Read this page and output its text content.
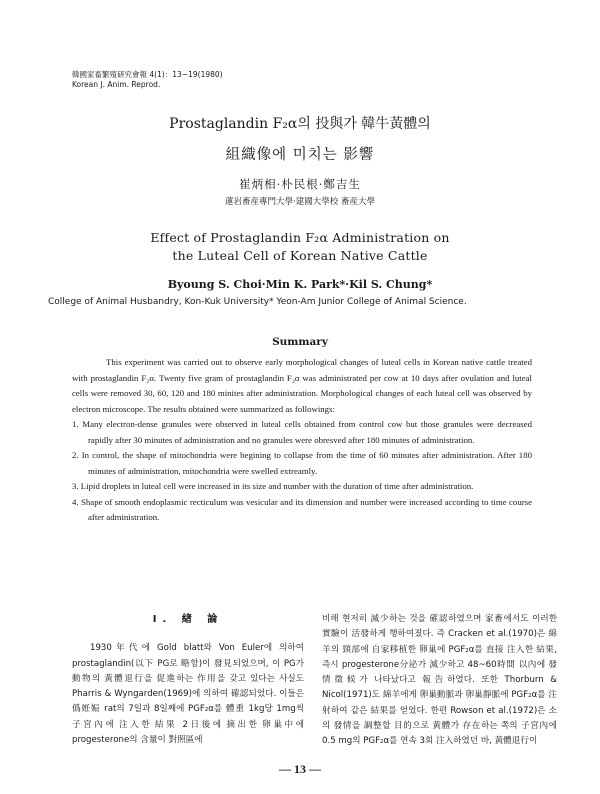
韓國家畜繁殖研究會報 4(1)：13~19(1980)
Korean J. Anim. Reprod.
Prostaglandin F₂α의 投與가 韓牛黃體의
組織像에 미치는 影響
崔炳相·朴民根·鄭吉生
蓮岩畜産專門大學·建國大學校 畜産大學
Effect of Prostaglandin F₂α Administration on
the Luteal Cell of Korean Native Cattle
Byoung S. Choi·Min K. Park*·Kil S. Chung*
College of Animal Husbandry, Kon-Kuk University* Yeon-Am Junior College of Animal Science.
Summary

This experiment was carried out to observe early morphological changes of luteal cells in Korean native cattle treated with prostaglandin F₂α. Twenty five gram of prostaglandin F₂α was administrated per cow at 10 days after ovulation and luteal cells were removed 30, 60, 120 and 180 minites after administration. Morphological changes of each luteal cell was observed by electron microscope. The results obtained were summarized as followings:

1. Many electron-dense granules were observed in luteal cells obtained from control cow but those granules were decreased rapidly after 30 minutes of administration and no granules were obresved after 180 minutes of administration.

2. In control, the shape of mitochondria were begining to collapse from the time of 60 minutes after administration. After 180 minutes of administration, mitochondria were swelled extreamly.

3. Lipid droplets in luteal cell were increased in its size and number with the duration of time after administration.

4. Shape of smooth endoplasmic recticulum was vesicular and its dimension and number were increased according to time course after administration.

I. 緖 論

1930年代에 Gold blatt와 Von Euler에 의하여 prostaglandin(以下 PG로 略함)이 發見되었으며, 이 PG가 動物의 黃體退行을 促進하는 作用을 갖고 있다는 사실도 Pharris & Wyngarden(1969)에 의하여 確認되었다. 이들은 僞姙娠 rat의 7일과 8일째에 PGF₂α를 體重 1kg당 1mg씩 子宮內에 注入한 結果 2日後에 摘出한 卵巢中에 progesterone의 含量이 對照區에

비해 현저히 減少하는 것을 確認하였으며 家畜에서도 이러한 實驗이 活發하게 행하여졌다. 즉 Cracken et al.(1970)은 綿羊의 頸部에 自家移植한 卵巢에 PGF₂α를 直接 注入한 結果, 즉시 progesterone分泌가 減少하고 48~60時間 以內에 發情徵候가 나타났다고 報告하였다. 또한 Thorburn & Nicol(1971)도 綿羊에게 卵巢動脈과 卵巢靜脈에 PGF₂α를 注射하여 같은 結果를 얻었다. 한편 Rowson et al.(1972)은 소의 發情을 調整할 目的으로 黃體가 存在하는 쪽의 子宮內에 0.5 mg의 PGF₂α를 연속 3회 注入하였던 바, 黃體退行이

— 13 —
